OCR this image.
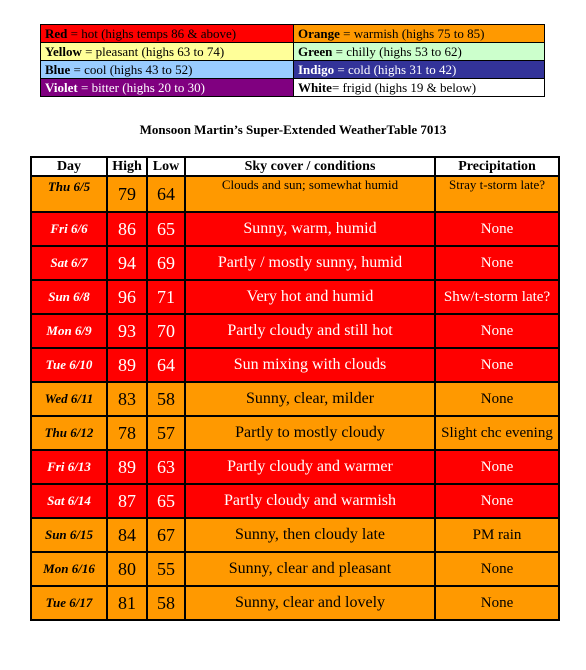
Red = hot (highs temps 86 & above)	Orange = warmish (highs 75 to 85)
Yellow = pleasant (highs 63 to 74)	Green = chilly (highs 53 to 62)
Blue = cool (highs 43 to 52)	Indigo = cold (highs 31 to 42)
Violet = bitter (highs 20 to 30)	White= frigid (highs 19 & below)
Monsoon Martin’s Super-Extended WeatherTable 7013
Day	High	Low	Sky cover / conditions	Precipitation
Thu 6/5	79	64	Clouds and sun; somewhat humid	Stray t-storm late?
Fri 6/6	86	65	Sunny, warm, humid	None
Sat 6/7	94	69	Partly / mostly sunny, humid	None
Sun 6/8	96	71	Very hot and humid	Shw/t-storm late?
Mon 6/9	93	70	Partly cloudy and still hot	None
Tue 6/10	89	64	Sun mixing with clouds	None
Wed 6/11	83	58	Sunny, clear, milder	None
Thu 6/12	78	57	Partly to mostly cloudy	Slight chc evening
Fri 6/13	89	63	Partly cloudy and warmer	None
Sat 6/14	87	65	Partly cloudy and warmish	None
Sun 6/15	84	67	Sunny, then cloudy late	PM rain
Mon 6/16	80	55	Sunny, clear and pleasant	None
Tue 6/17	81	58	Sunny, clear and lovely	None
